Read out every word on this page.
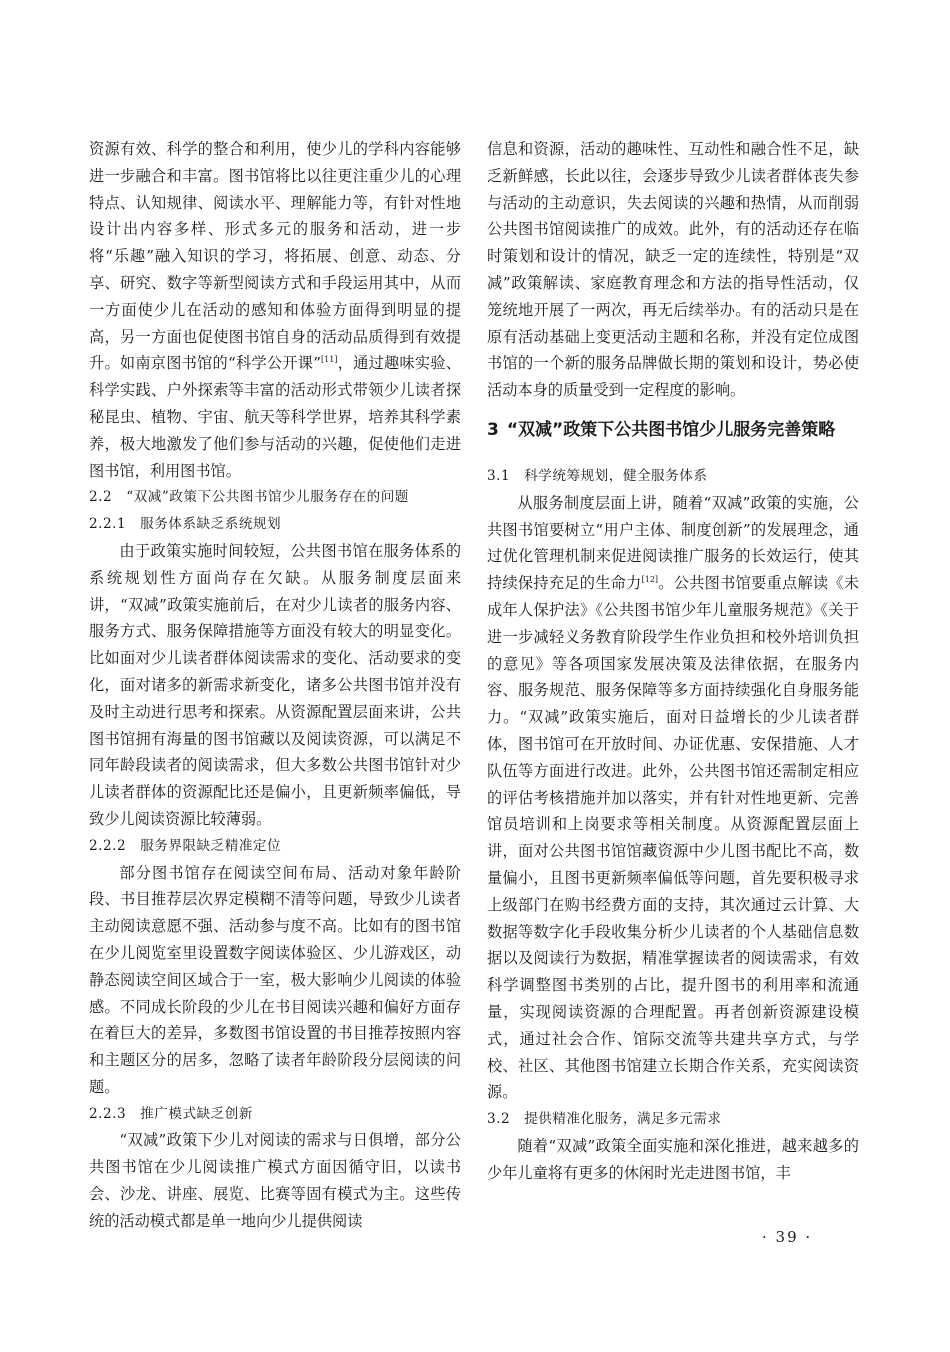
资源有效、科学的整合和利用，使少儿的学科内容能够进一步融合和丰富。图书馆将比以往更注重少儿的心理特点、认知规律、阅读水平、理解能力等，有针对性地设计出内容多样、形式多元的服务和活动，进一步将“乐趣”融入知识的学习，将拓展、创意、动态、分享、研究、数字等新型阅读方式和手段运用其中，从而一方面使少儿在活动的感知和体验方面得到明显的提高，另一方面也促使图书馆自身的活动品质得到有效提升。如南京图书馆的“科学公开课”[11]，通过趣味实验、科学实践、户外探索等丰富的活动形式带领少儿读者探秘昆虫、植物、宇宙、航天等科学世界，培养其科学素养，极大地激发了他们参与活动的兴趣，促使他们走进图书馆，利用图书馆。

2.2　“双减”政策下公共图书馆少儿服务存在的问题

2.2.1　服务体系缺乏系统规划

由于政策实施时间较短，公共图书馆在服务体系的系统规划性方面尚存在欠缺。从服务制度层面来讲，“双减”政策实施前后，在对少儿读者的服务内容、服务方式、服务保障措施等方面没有较大的明显变化。比如面对少儿读者群体阅读需求的变化、活动要求的变化，面对诸多的新需求新变化，诸多公共图书馆并没有及时主动进行思考和探索。从资源配置层面来讲，公共图书馆拥有海量的图书馆藏以及阅读资源，可以满足不同年龄段读者的阅读需求，但大多数公共图书馆针对少儿读者群体的资源配比还是偏小，且更新频率偏低，导致少儿阅读资源比较薄弱。

2.2.2　服务界限缺乏精准定位

部分图书馆存在阅读空间布局、活动对象年龄阶段、书目推荐层次界定模糊不清等问题，导致少儿读者主动阅读意愿不强、活动参与度不高。比如有的图书馆在少儿阅览室里设置数字阅读体验区、少儿游戏区，动静态阅读空间区域合于一室，极大影响少儿阅读的体验感。不同成长阶段的少儿在书目阅读兴趣和偏好方面存在着巨大的差异，多数图书馆设置的书目推荐按照内容和主题区分的居多，忽略了读者年龄阶段分层阅读的问题。

2.2.3　推广模式缺乏创新

“双减”政策下少儿对阅读的需求与日俱增，部分公共图书馆在少儿阅读推广模式方面因循守旧，以读书会、沙龙、讲座、展览、比赛等固有模式为主。这些传统的活动模式都是单一地向少儿提供阅读

信息和资源，活动的趣味性、互动性和融合性不足，缺乏新鲜感，长此以往，会逐步导致少儿读者群体丧失参与活动的主动意识，失去阅读的兴趣和热情，从而削弱公共图书馆阅读推广的成效。此外，有的活动还存在临时策划和设计的情况，缺乏一定的连续性，特别是“双减”政策解读、家庭教育理念和方法的指导性活动，仅笼统地开展了一两次，再无后续举办。有的活动只是在原有活动基础上变更活动主题和名称，并没有定位成图书馆的一个新的服务品牌做长期的策划和设计，势必使活动本身的质量受到一定程度的影响。

3 “双减”政策下公共图书馆少儿服务完善策略

3.1　科学统筹规划，健全服务体系

从服务制度层面上讲，随着“双减”政策的实施，公共图书馆要树立“用户主体、制度创新”的发展理念，通过优化管理机制来促进阅读推广服务的长效运行，使其持续保持充足的生命力[12]。公共图书馆要重点解读《未成年人保护法》《公共图书馆少年儿童服务规范》《关于进一步减轻义务教育阶段学生作业负担和校外培训负担的意见》等各项国家发展决策及法律依据，在服务内容、服务规范、服务保障等多方面持续强化自身服务能力。“双减”政策实施后，面对日益增长的少儿读者群体，图书馆可在开放时间、办证优惠、安保措施、人才队伍等方面进行改进。此外，公共图书馆还需制定相应的评估考核措施并加以落实，并有针对性地更新、完善馆员培训和上岗要求等相关制度。从资源配置层面上讲，面对公共图书馆馆藏资源中少儿图书配比不高，数量偏小，且图书更新频率偏低等问题，首先要积极寻求上级部门在购书经费方面的支持，其次通过云计算、大数据等数字化手段收集分析少儿读者的个人基础信息数据以及阅读行为数据，精准掌握读者的阅读需求，有效科学调整图书类别的占比，提升图书的利用率和流通量，实现阅读资源的合理配置。再者创新资源建设模式，通过社会合作、馆际交流等共建共享方式，与学校、社区、其他图书馆建立长期合作关系，充实阅读资源。

3.2　提供精准化服务，满足多元需求

随着“双减”政策全面实施和深化推进，越来越多的少年儿童将有更多的休闲时光走进图书馆，丰

· 39 ·
